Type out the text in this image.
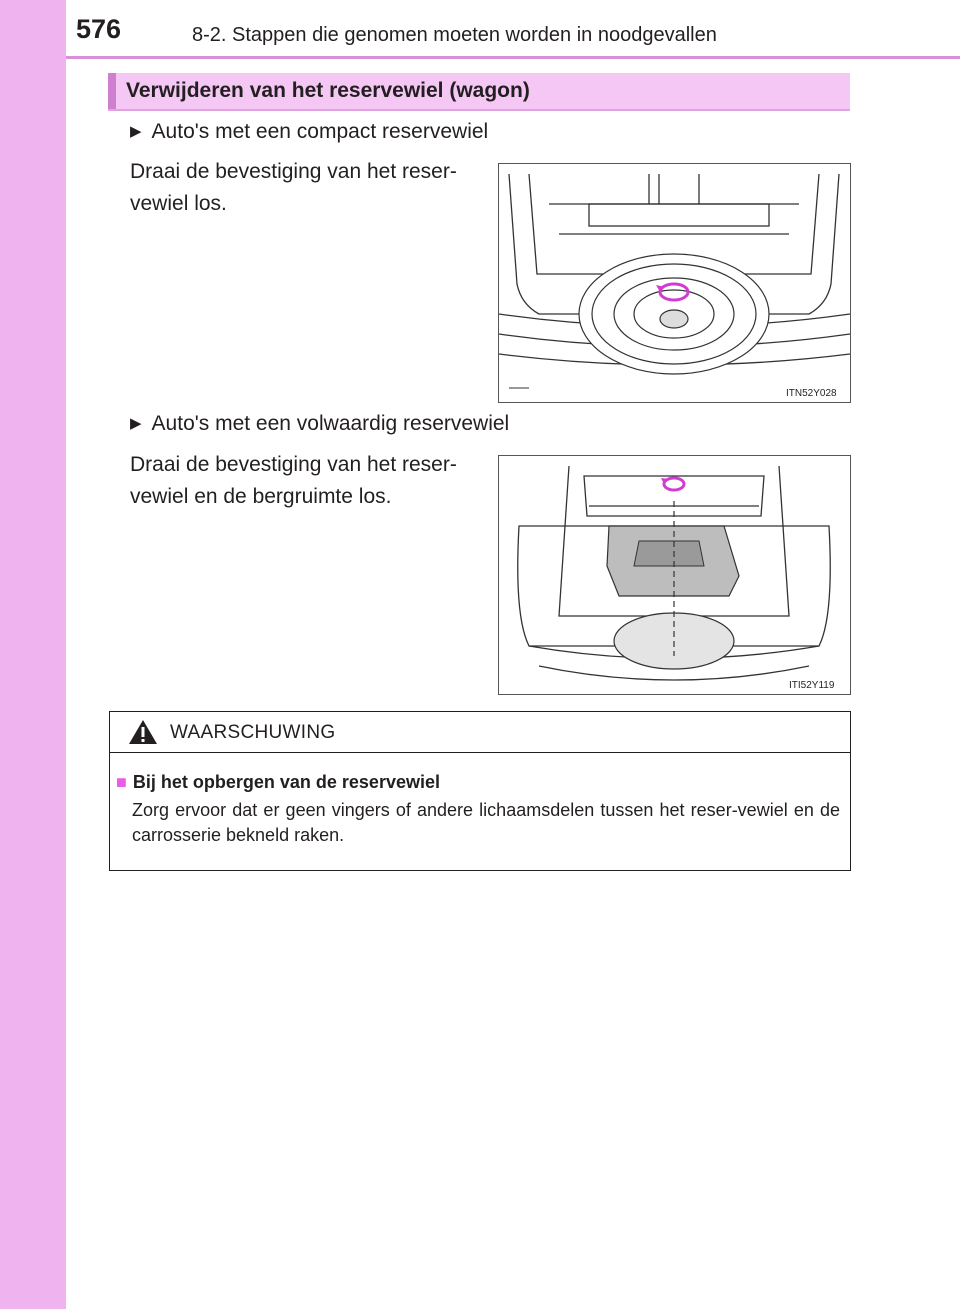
576	8-2. Stappen die genomen moeten worden in noodgevallen
Verwijderen van het reservewiel (wagon)
▶ Auto's met een compact reservewiel
Draai de bevestiging van het reser-
vewiel los.
ITN52Y028
▶ Auto's met een volwaardig reservewiel
Draai de bevestiging van het reser-
vewiel en de bergruimte los.
ITI52Y119
WAARSCHUWING
■ Bij het opbergen van de reservewiel
Zorg ervoor dat er geen vingers of andere lichaamsdelen tussen het reser-vewiel en de carrosserie bekneld raken.
